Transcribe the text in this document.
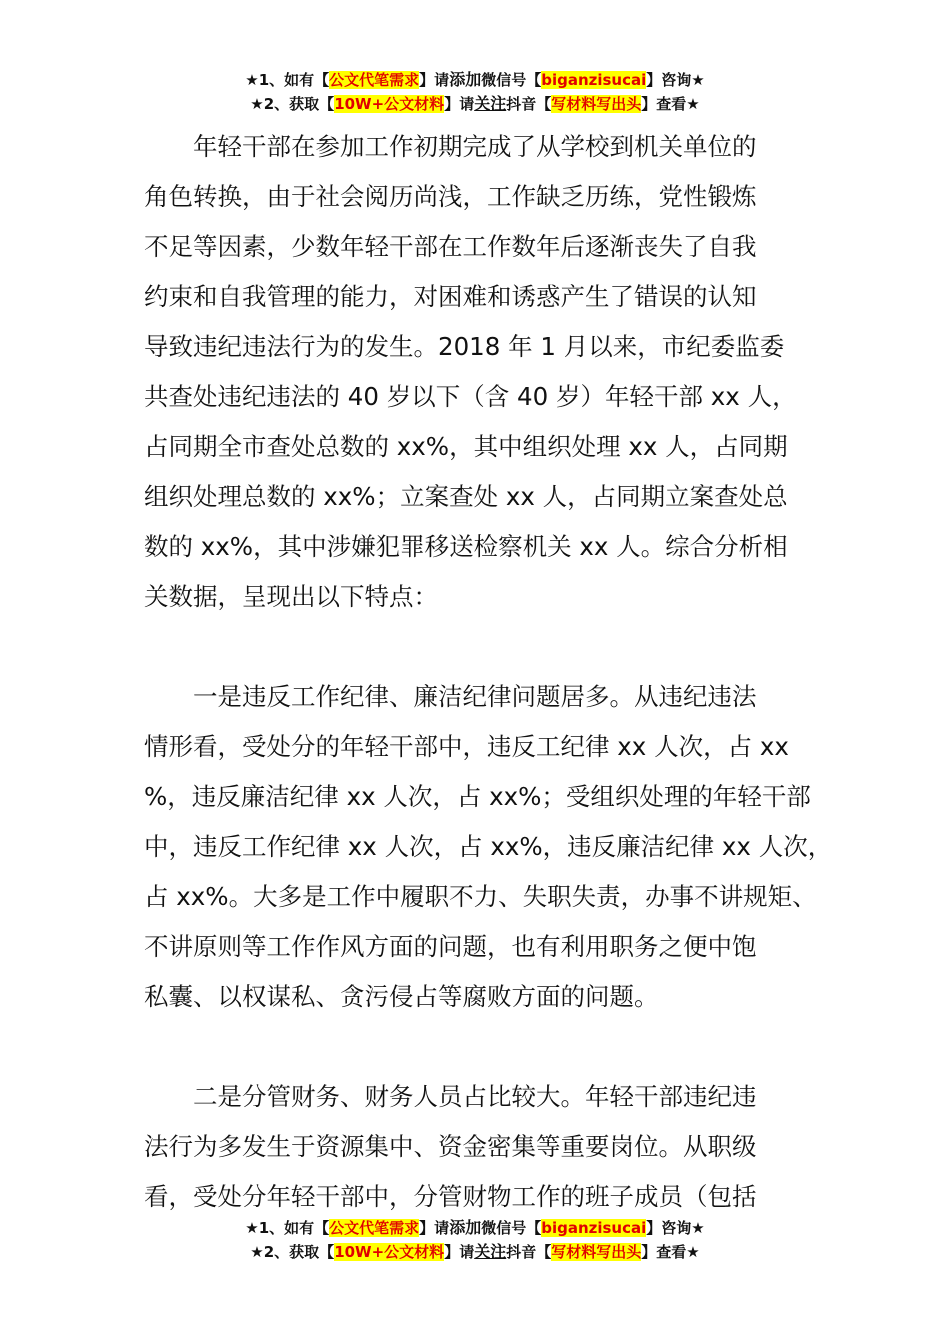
★1、如有【公文代笔需求】请添加微信号【biganzisucai】咨询★
★2、获取【10W+公文材料】请关注抖音【写材料写出头】查看★
年轻干部在参加工作初期完成了从学校到机关单位的
角色转换，由于社会阅历尚浅，工作缺乏历练，党性锻炼
不足等因素，少数年轻干部在工作数年后逐渐丧失了自我
约束和自我管理的能力，对困难和诱惑产生了错误的认知
导致违纪违法行为的发生。2018 年 1 月以来，市纪委监委
共查处违纪违法的 40 岁以下（含 40 岁）年轻干部 xx 人，
占同期全市查处总数的 xx%，其中组织处理 xx 人，占同期
组织处理总数的 xx%；立案查处 xx 人，占同期立案查处总
数的 xx%，其中涉嫌犯罪移送检察机关 xx 人。综合分析相
关数据，呈现出以下特点：
一是违反工作纪律、廉洁纪律问题居多。从违纪违法
情形看，受处分的年轻干部中，违反工纪律 xx 人次，占 xx
%，违反廉洁纪律 xx 人次，占 xx%；受组织处理的年轻干部
中，违反工作纪律 xx 人次，占 xx%，违反廉洁纪律 xx 人次，
占 xx%。大多是工作中履职不力、失职失责，办事不讲规矩、
不讲原则等工作作风方面的问题，也有利用职务之便中饱
私囊、以权谋私、贪污侵占等腐败方面的问题。
二是分管财务、财务人员占比较大。年轻干部违纪违
法行为多发生于资源集中、资金密集等重要岗位。从职级
看，受处分年轻干部中，分管财物工作的班子成员（包括
★1、如有【公文代笔需求】请添加微信号【biganzisucai】咨询★
★2、获取【10W+公文材料】请关注抖音【写材料写出头】查看★
